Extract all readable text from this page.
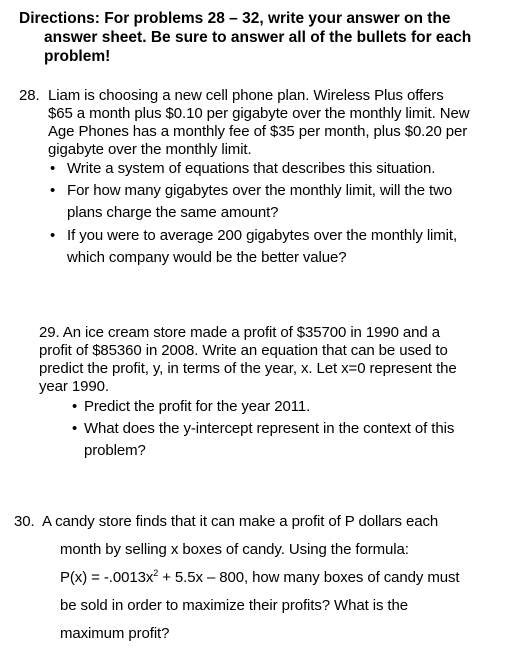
Directions: For problems 28 – 32, write your answer on the
answer sheet. Be sure to answer all of the bullets for each
problem!
28. Liam is choosing a new cell phone plan. Wireless Plus offers
$65 a month plus $0.10 per gigabyte over the monthly limit. New
Age Phones has a monthly fee of $35 per month, plus $0.20 per
gigabyte over the monthly limit.
• Write a system of equations that describes this situation.
• For how many gigabytes over the monthly limit, will the two
plans charge the same amount?
• If you were to average 200 gigabytes over the monthly limit,
which company would be the better value?
29. An ice cream store made a profit of $35700 in 1990 and a
profit of $85360 in 2008. Write an equation that can be used to
predict the profit, y, in terms of the year, x. Let x=0 represent the
year 1990.
• Predict the profit for the year 2011.
• What does the y-intercept represent in the context of this
problem?
30. A candy store finds that it can make a profit of P dollars each
month by selling x boxes of candy. Using the formula:
$P(x) = -.0013x^2 + 5.5x - 800$, how many boxes of candy must
be sold in order to maximize their profits? What is the
maximum profit?
